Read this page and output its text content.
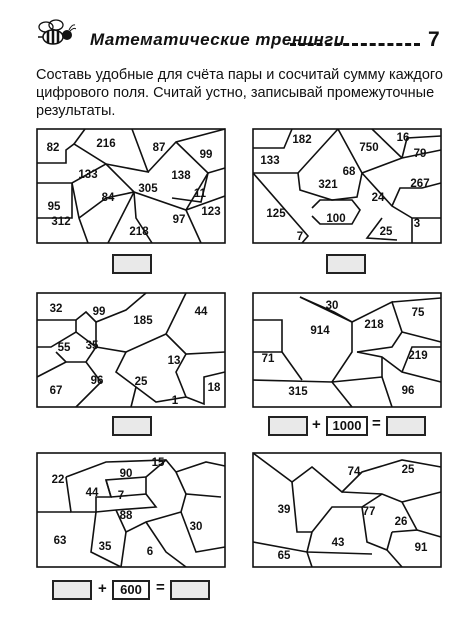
Математические тренинги	7
Составь удобные для счёта пары и сосчитай сумму каждого
цифрового поля. Считай устно, записывай промежуточные
результаты.
82	216	87
99
133
305
138
11
95
84
123
312	97
218
182
750
16
133
79
68
321	267
24
125	100	3
7	25
32	99
185
44
55 35
13
67
96	25	18
1
30
75
914	218
71	219
315	96
+ 1000 =
15
90
22
44 7
88
30
63	35	6
74	25
39	77
26
43	91
65
+	600 =
